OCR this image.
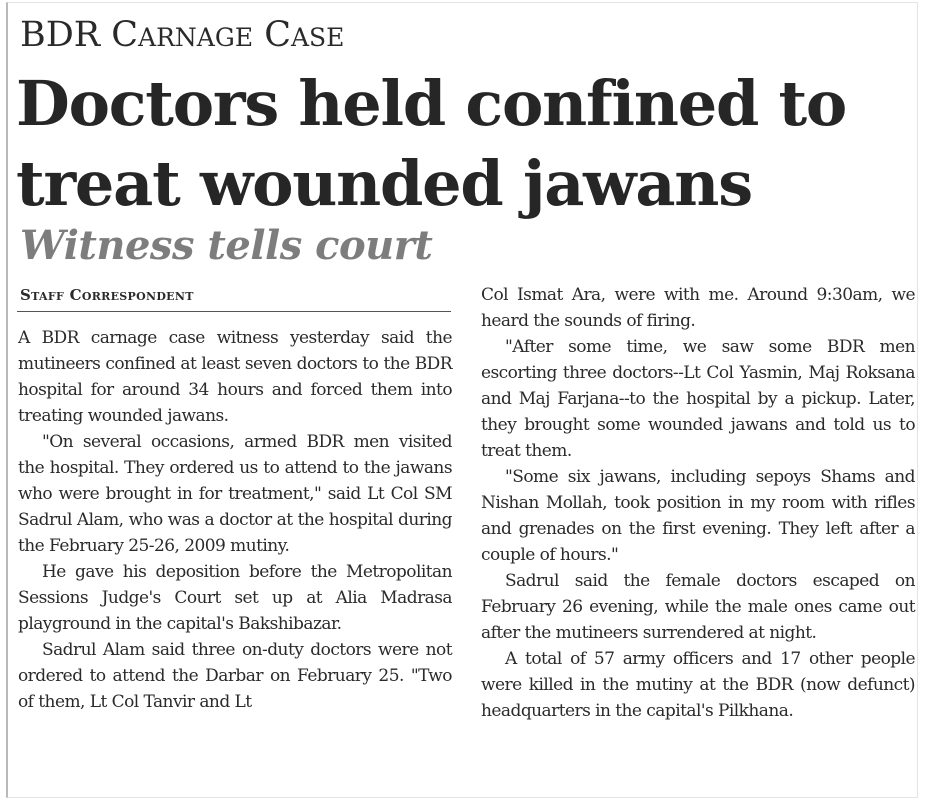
BDR Carnage Case
Doctors held confined to treat wounded jawans
Witness tells court
Staff Correspondent

A BDR carnage case witness yesterday said the mutineers confined at least seven doctors to the BDR hospital for around 34 hours and forced them into treating wounded jawans.

"On several occasions, armed BDR men visited the hospital. They ordered us to attend to the jawans who were brought in for treatment," said Lt Col SM Sadrul Alam, who was a doctor at the hospital during the February 25-26, 2009 mutiny.

He gave his deposition before the Metropolitan Sessions Judge's Court set up at Alia Madrasa playground in the capital's Bakshibazar.

Sadrul Alam said three on-duty doctors were not ordered to attend the Darbar on February 25. "Two of them, Lt Col Tanvir and Lt

Col Ismat Ara, were with me. Around 9:30am, we heard the sounds of firing.

"After some time, we saw some BDR men escorting three doctors--Lt Col Yasmin, Maj Roksana and Maj Farjana--to the hospital by a pickup. Later, they brought some wounded jawans and told us to treat them.

"Some six jawans, including sepoys Shams and Nishan Mollah, took position in my room with rifles and grenades on the first evening. They left after a couple of hours."

Sadrul said the female doctors escaped on February 26 evening, while the male ones came out after the mutineers surrendered at night.

A total of 57 army officers and 17 other people were killed in the mutiny at the BDR (now defunct) headquarters in the capital's Pilkhana.
